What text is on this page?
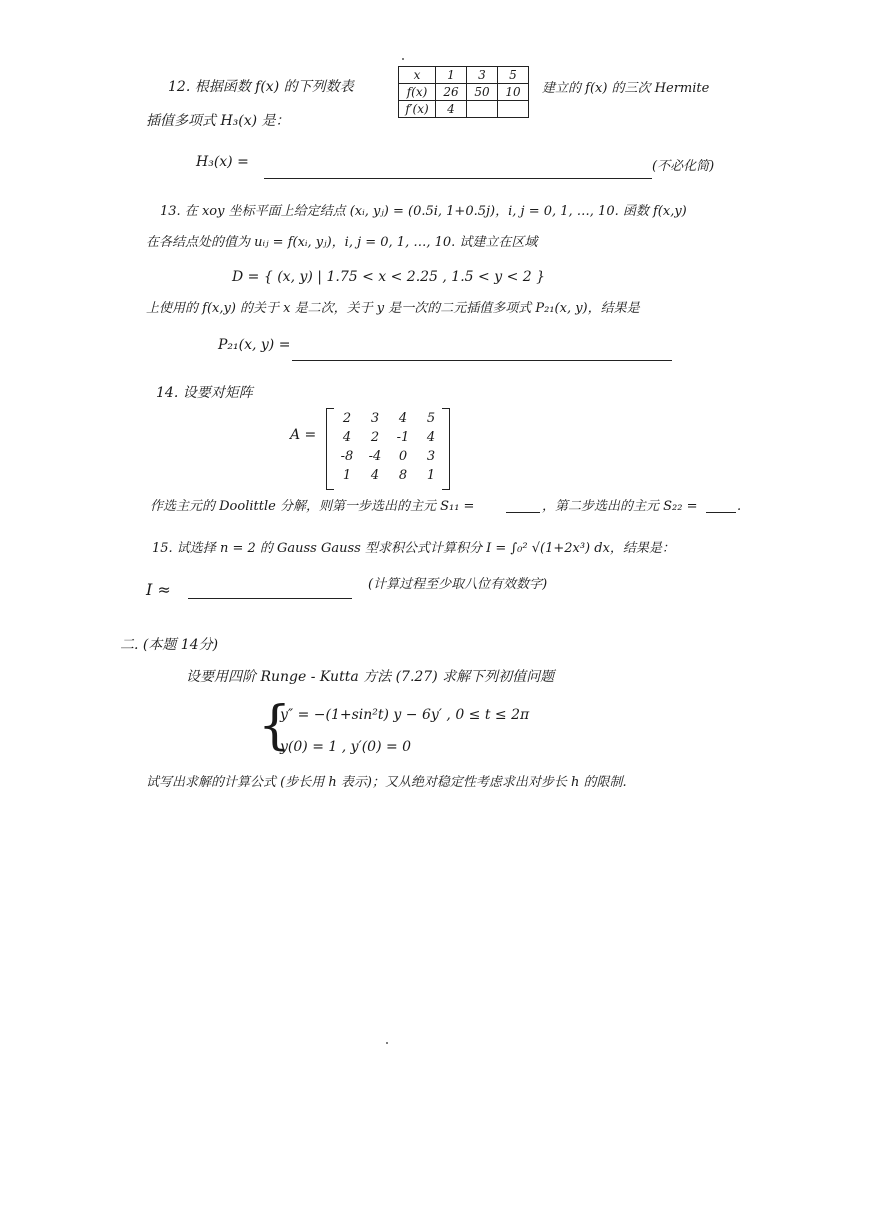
12. 根据函数 f(x) 的下列数表
x	1	3	5
f(x)	26	50	10
f′(x)	4		
建立的 f(x) 的三次 Hermite
插值多项式 H₃(x) 是：
H₃(x) =	(不必化简)
13. 在 xoy 坐标平面上给定结点 (xᵢ, yⱼ) = (0.5i, 1+0.5j)，i, j = 0, 1, …, 10. 函数 f(x,y)
在各结点处的值为 uᵢⱼ = f(xᵢ, yⱼ)，i, j = 0, 1, …, 10. 试建立在区域
D = { (x, y) | 1.75 < x < 2.25 , 1.5 < y < 2 }
上使用的 f(x,y) 的关于 x 是二次，关于 y 是一次的二元插值多项式 P₂₁(x, y)，结果是
P₂₁(x, y) =
14. 设要对矩阵
A =
2	3	4	5
4	2	-1	4
-8	-4	0	3
1	4	8	1
作选主元的 Doolittle 分解，则第一步选出的主元 S₁₁ =	，第二步选出的主元 S₂₂ =	.
15. 试选择 n = 2 的 Gauss Gauss 型求积公式计算积分 I = ∫₀² √(1+2x³) dx，结果是：
I ≈	(计算过程至少取八位有效数字)
二. (本题 14分)
设要用四阶 Runge - Kutta 方法 (7.27) 求解下列初值问题
{
y″ = −(1+sin²t) y − 6y′ , 0 ≤ t ≤ 2π
y(0) = 1 , y′(0) = 0
试写出求解的计算公式 (步长用 h 表示)；又从绝对稳定性考虑求出对步长 h 的限制.
